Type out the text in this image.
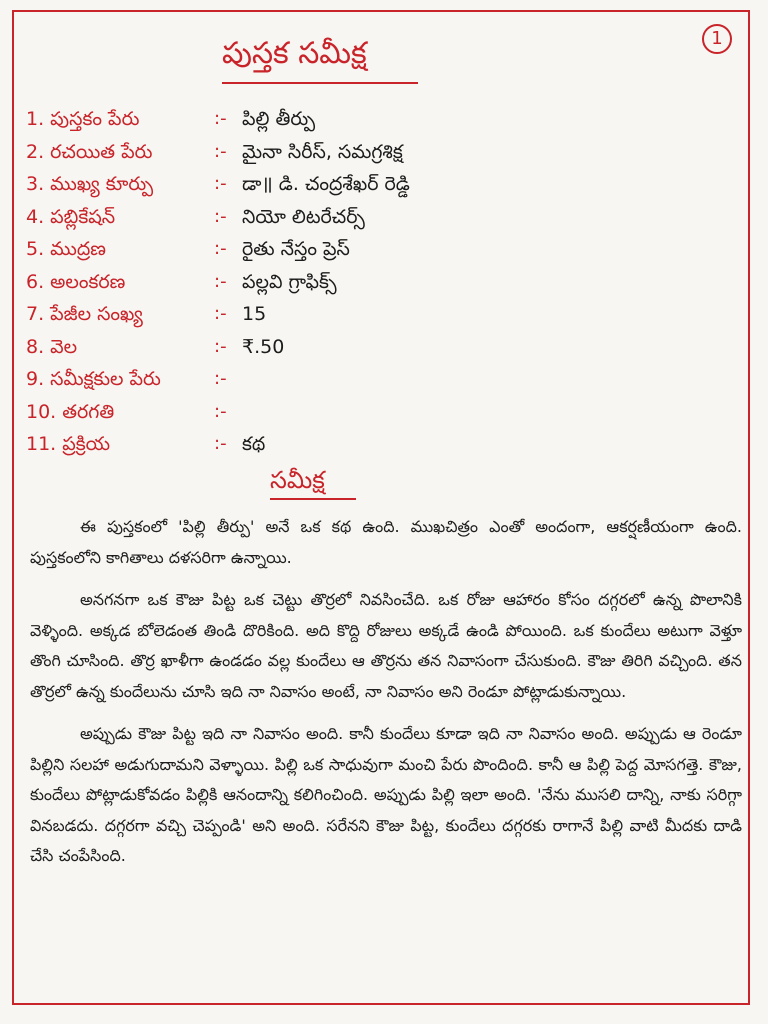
1
పుస్తక సమీక్ష
1. పుస్తకం పేరు	:- పిల్లి తీర్పు
2. రచయిత పేరు	:- మైనా సిరీస్, సమగ్రశిక్ష
3. ముఖ్య కూర్పు	:- డా॥ డి. చంద్రశేఖర్ రెడ్డి
4. పబ్లికేషన్	:- నియో లిటరేచర్స్
5. ముద్రణ	:- రైతు నేస్తం ప్రెస్
6. అలంకరణ	:- పల్లవి గ్రాఫిక్స్
7. పేజీల సంఖ్య	:- 15
8. వెల	:- ₹.50
9. సమీక్షకుల పేరు	:-
10. తరగతి	:-
11. ప్రక్రియ	:- కథ
సమీక్ష

ఈ పుస్తకంలో 'పిల్లి తీర్పు' అనే ఒక కథ ఉంది. ముఖచిత్రం ఎంతో అందంగా, ఆకర్షణీయంగా ఉంది. పుస్తకంలోని కాగితాలు దళసరిగా ఉన్నాయి.

అనగనగా ఒక కౌజు పిట్ట ఒక చెట్టు తొర్రలో నివసించేది. ఒక రోజు ఆహారం కోసం దగ్గరలో ఉన్న పొలానికి వెళ్ళింది. అక్కడ బోలెడంత తిండి దొరికింది. అది కొద్ది రోజులు అక్కడే ఉండి పోయింది. ఒక కుందేలు అటుగా వెళ్తూ తొంగి చూసింది. తొర్ర ఖాళీగా ఉండడం వల్ల కుందేలు ఆ తొర్రను తన నివాసంగా చేసుకుంది. కౌజు తిరిగి వచ్చింది. తన తొర్రలో ఉన్న కుందేలును చూసి ఇది నా నివాసం అంటే, నా నివాసం అని రెండూ పోట్లాడుకున్నాయి.

అప్పుడు కౌజు పిట్ట ఇది నా నివాసం అంది. కానీ కుందేలు కూడా ఇది నా నివాసం అంది. అప్పుడు ఆ రెండూ పిల్లిని సలహా అడుగుదామని వెళ్ళాయి. పిల్లి ఒక సాధువుగా మంచి పేరు పొందింది. కానీ ఆ పిల్లి పెద్ద మోసగత్తె. కౌజు, కుందేలు పోట్లాడుకోవడం పిల్లికి ఆనందాన్ని కలిగించింది. అప్పుడు పిల్లి ఇలా అంది. 'నేను ముసలి దాన్ని, నాకు సరిగ్గా వినబడదు. దగ్గరగా వచ్చి చెప్పండి' అని అంది. సరేనని కౌజు పిట్ట, కుందేలు దగ్గరకు రాగానే పిల్లి వాటి మీదకు దాడి చేసి చంపేసింది.
